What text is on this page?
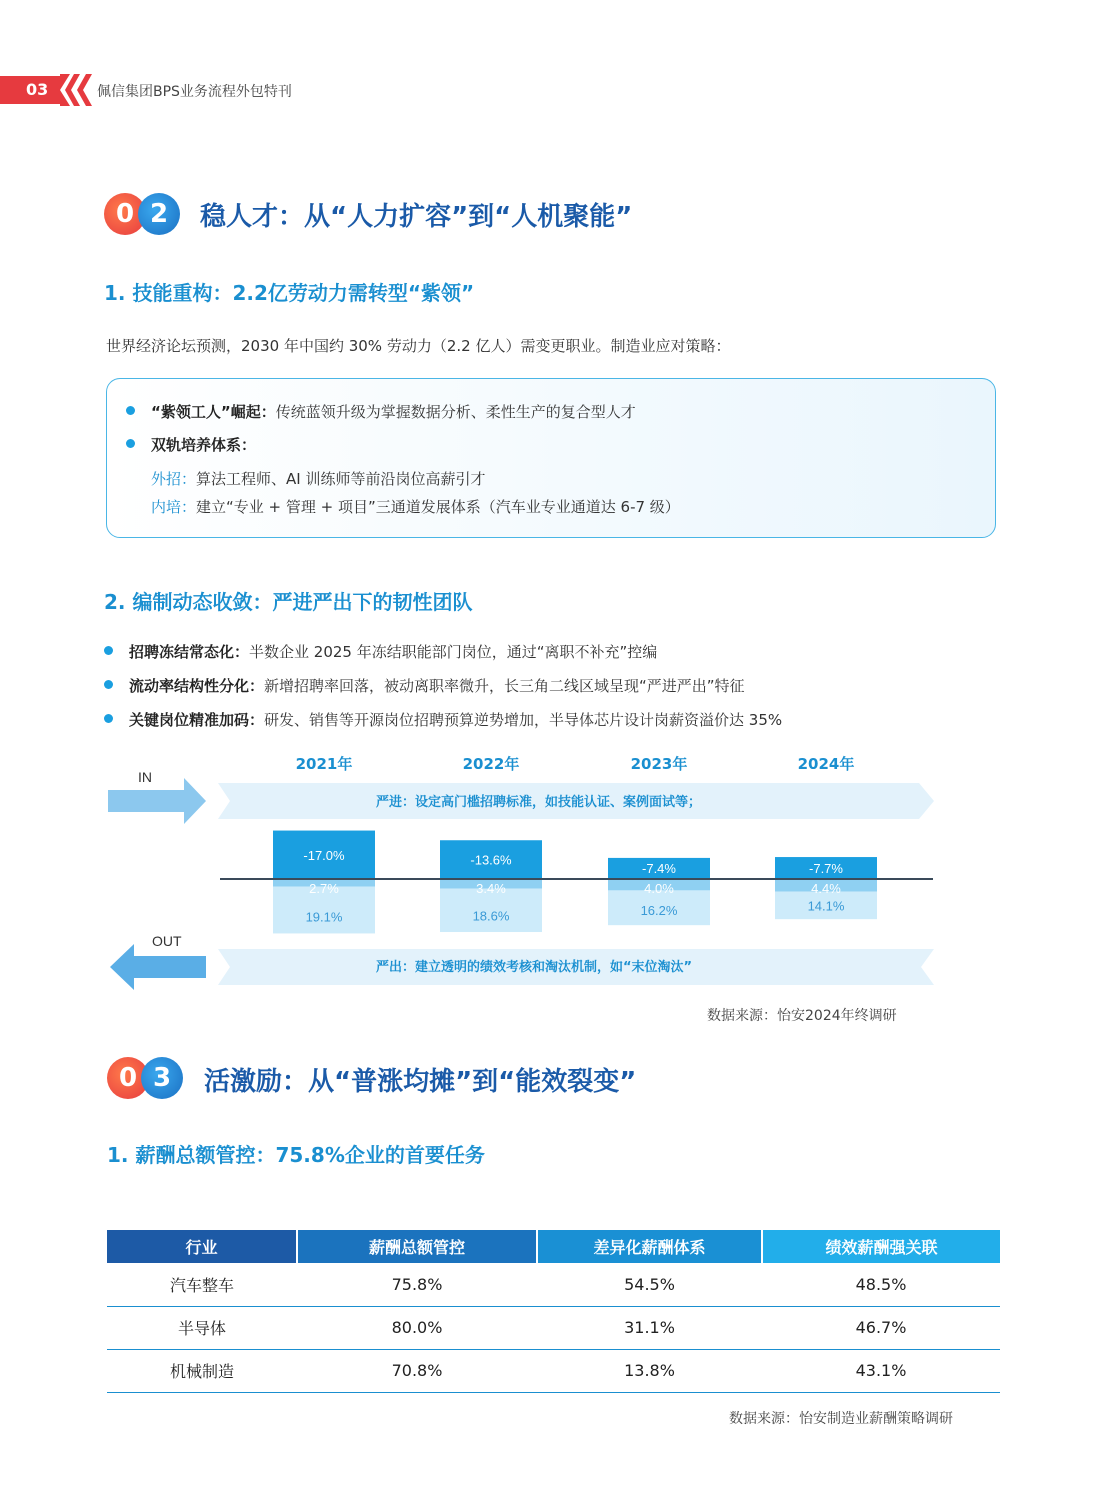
03	佩信集团BPS业务流程外包特刊
0 2	稳人才：从“人力扩容”到“人机聚能”
1. 技能重构：2.2亿劳动力需转型“紫领”
世界经济论坛预测，2030 年中国约 30% 劳动力（2.2 亿人）需变更职业。制造业应对策略：
“紫领工人”崛起：传统蓝领升级为掌握数据分析、柔性生产的复合型人才
双轨培养体系：
外招：算法工程师、AI 训练师等前沿岗位高薪引才
内培：建立“专业 + 管理 + 项目”三通道发展体系（汽车业专业通道达 6-7 级）
2. 编制动态收敛：严进严出下的韧性团队
招聘冻结常态化：半数企业 2025 年冻结职能部门岗位，通过“离职不补充”控编
流动率结构性分化：新增招聘率回落，被动离职率微升，长三角二线区域呈现“严进严出”特征
关键岗位精准加码：研发、销售等开源岗位招聘预算逆势增加，半导体芯片设计岗薪资溢价达 35%
IN
严进：设定高门槛招聘标准，如技能认证、案例面试等；
OUT
严出：建立透明的绩效考核和淘汰机制，如“末位淘汰”
2021年
-17.0%
2.7%
19.1%
2022年
-13.6%
3.4%
18.6%
2023年
-7.4%
4.0%
16.2%
2024年
-7.7%
4.4%
14.1%
数据来源：怡安2024年终调研
0 3	活激励：从“普涨均摊”到“能效裂变”
1. 薪酬总额管控：75.8%企业的首要任务
行业	薪酬总额管控	差异化薪酬体系	绩效薪酬强关联
汽车整车	75.8%	54.5%	48.5%
半导体	80.0%	31.1%	46.7%
机械制造	70.8%	13.8%	43.1%
数据来源：怡安制造业薪酬策略调研
